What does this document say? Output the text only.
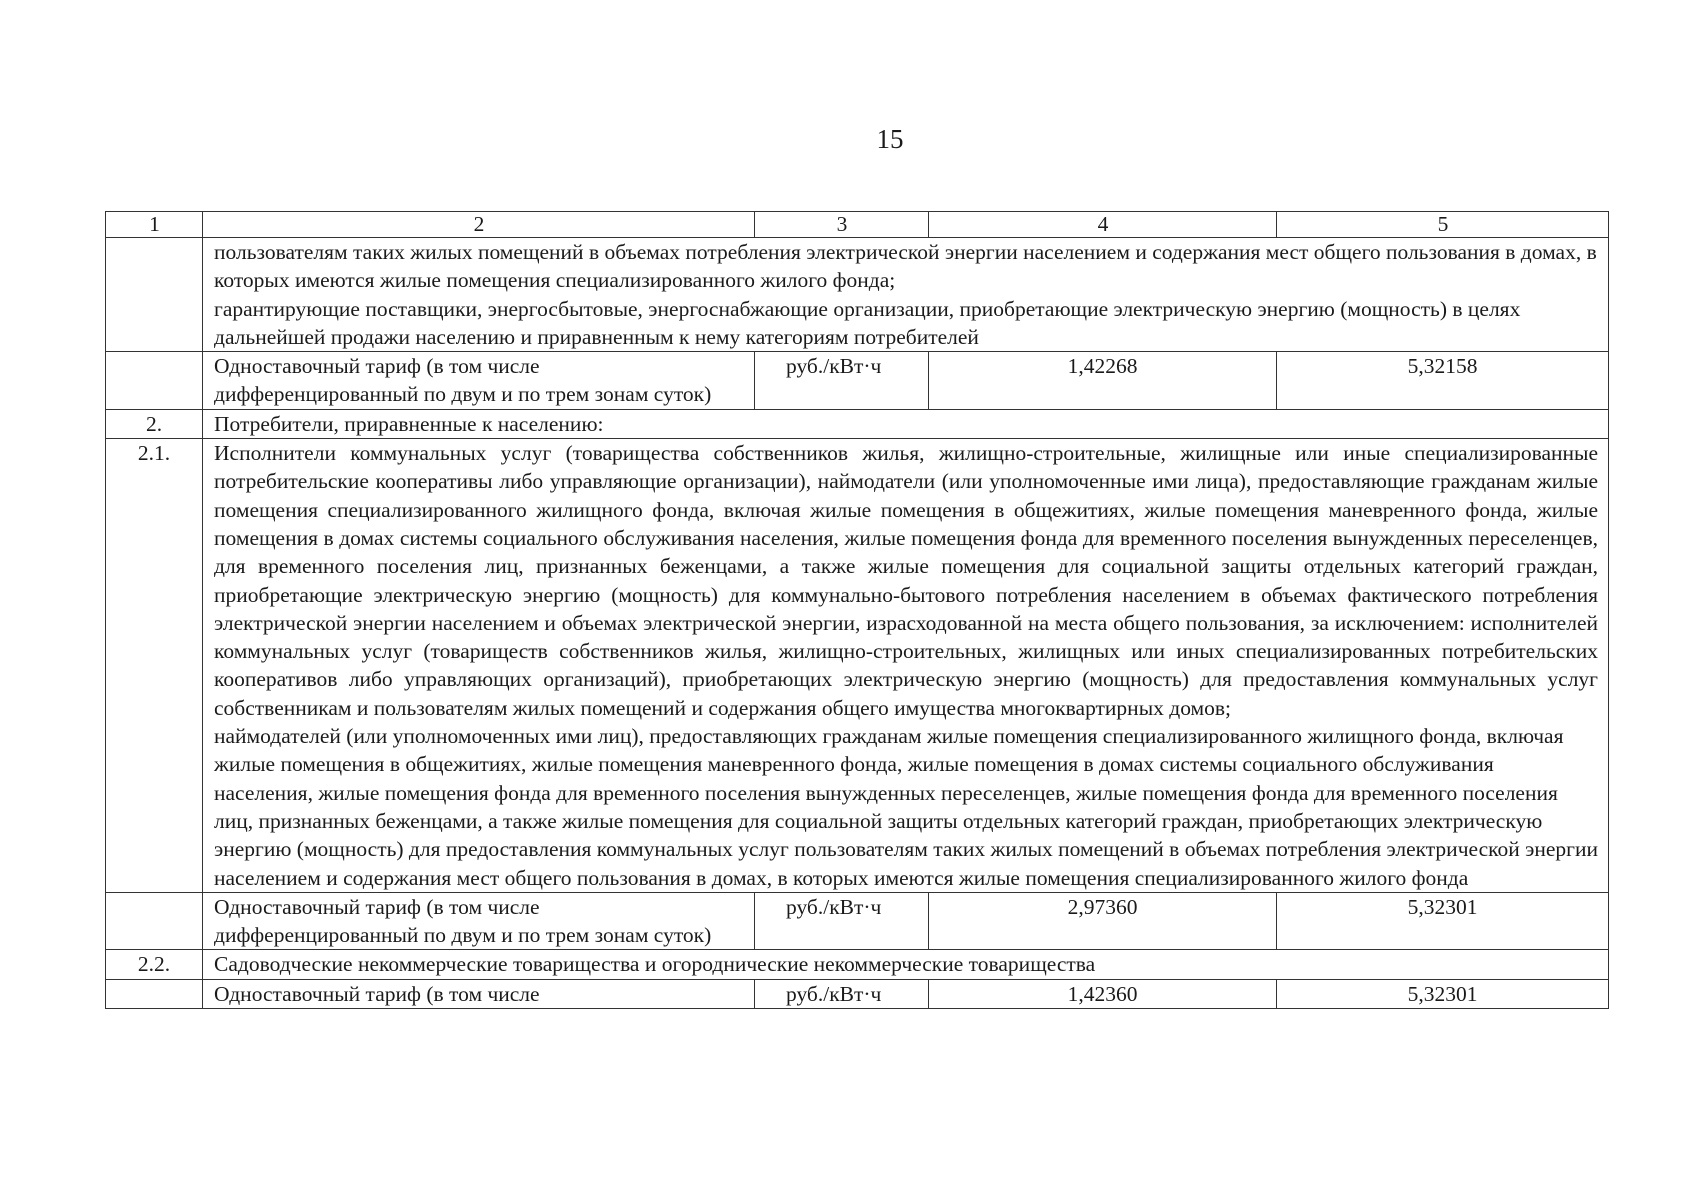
15
1	2	3	4	5

	пользователям таких жилых помещений в объемах потребления электрической энергии населением и содержания мест общего пользования в домах, в которых имеются жилые помещения специализированного жилого фонда;
гарантирующие поставщики, энергосбытовые, энергоснабжающие организации, приобретающие электрическую энергию (мощность) в целях дальнейшей продажи населению и приравненным к нему категориям потребителей			

	Одноставочный тариф (в том числе дифференцированный по двум и по трем зонам суток)	руб./кВт·ч	1,42268	5,32158
2.	Потребители, приравненные к населению:			
2.1.	Исполнители коммунальных услуг (товарищества собственников жилья, жилищно-строительные, жилищные или иные специализированные потребительские кооперативы либо управляющие организации), наймодатели (или уполномоченные ими лица), предоставляющие гражданам жилые помещения специализированного жилищного фонда, включая жилые помещения в общежитиях, жилые помещения маневренного фонда, жилые помещения в домах системы социального обслуживания населения, жилые помещения фонда для временного поселения вынужденных переселенцев, для временного поселения лиц, признанных беженцами, а также жилые помещения для социальной защиты отдельных категорий граждан, приобретающие электрическую энергию (мощность) для коммунально-бытового потребления населением в объемах фактического потребления электрической энергии населением и объемах электрической энергии, израсходованной на места общего пользования, за исключением: исполнителей коммунальных услуг (товариществ собственников жилья, жилищно-строительных, жилищных или иных специализированных потребительских кооперативов либо управляющих организаций), приобретающих электрическую энергию (мощность) для предоставления коммунальных услуг собственникам и пользователям жилых помещений и содержания общего имущества многоквартирных домов;
наймодателей (или уполномоченных ими лиц), предоставляющих гражданам жилые помещения специализированного жилищного фонда, включая жилые помещения в общежитиях, жилые помещения маневренного фонда, жилые помещения в домах системы социального обслуживания населения, жилые помещения фонда для временного поселения вынужденных переселенцев, жилые помещения фонда для временного поселения лиц, признанных беженцами, а также жилые помещения для социальной защиты отдельных категорий граждан, приобретающих электрическую энергию (мощность) для предоставления коммунальных услуг пользователям таких жилых помещений в объемах потребления электрической энергии населением и содержания мест общего пользования в домах, в которых имеются жилые помещения специализированного жилого фонда			

	Одноставочный тариф (в том числе дифференцированный по двум и по трем зонам суток)	руб./кВт·ч	2,97360	5,32301
2.2.	Садоводческие некоммерческие товарищества и огороднические некоммерческие товарищества			
	Одноставочный тариф (в том числе	руб./кВт·ч	1,42360	5,32301
